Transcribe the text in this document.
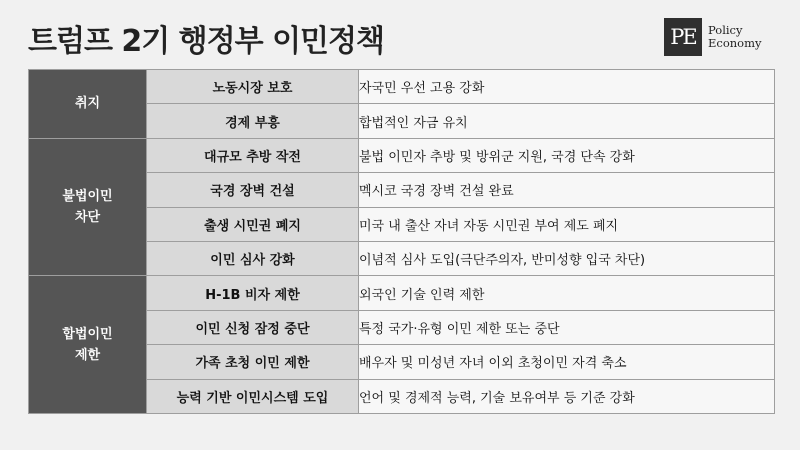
트럼프 2기 행정부 이민정책	PE	Policy
Economy
취지	노동시장 보호	자국민 우선 고용 강화
	경제 부흥	합법적인 자금 유치

불법이민
차단	대규모 추방 작전	불법 이민자 추방 및 방위군 지원, 국경 단속 강화
	국경 장벽 건설	멕시코 국경 장벽 건설 완료
	출생 시민권 폐지	미국 내 출산 자녀 자동 시민권 부여 제도 폐지
	이민 심사 강화	이념적 심사 도입(극단주의자, 반미성향 입국 차단)

합법이민
제한	H-1B 비자 제한	외국인 기술 인력 제한
	이민 신청 잠정 중단	특정 국가·유형 이민 제한 또는 중단
	가족 초청 이민 제한	배우자 및 미성년 자녀 이외 초청이민 자격 축소
	능력 기반 이민시스템 도입	언어 및 경제적 능력, 기술 보유여부 등 기준 강화
